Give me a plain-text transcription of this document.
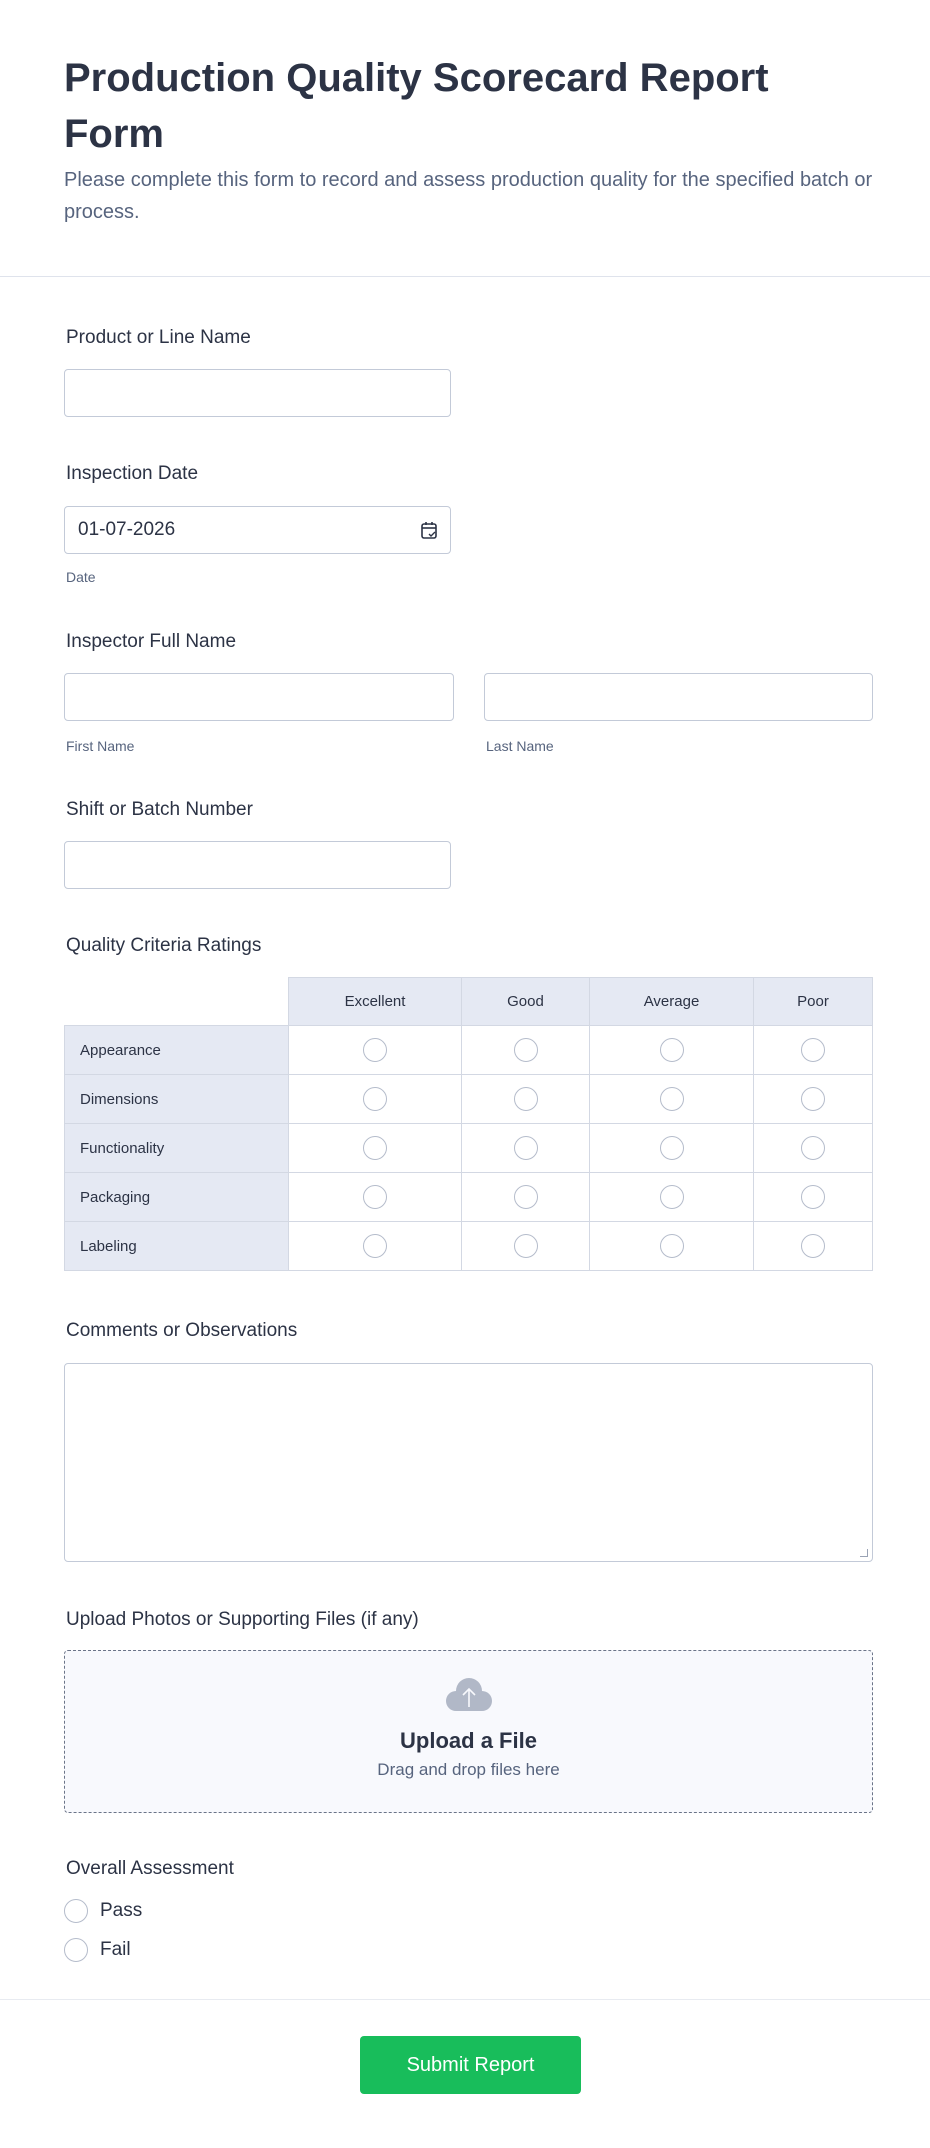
Production Quality Scorecard Report Form

Please complete this form to record and assess production quality for the specified batch or process.

Product or Line Name
Inspection Date
01-07-2026
Date
Inspector Full Name
First Name	Last Name
Shift or Batch Number
Quality Criteria Ratings
	Excellent	Good	Average	Poor
Appearance				
Dimensions				
Functionality				
Packaging				
Labeling				
Comments or Observations
Upload Photos or Supporting Files (if any)
Upload a File
Drag and drop files here
Overall Assessment
Pass
Fail
Submit Report
